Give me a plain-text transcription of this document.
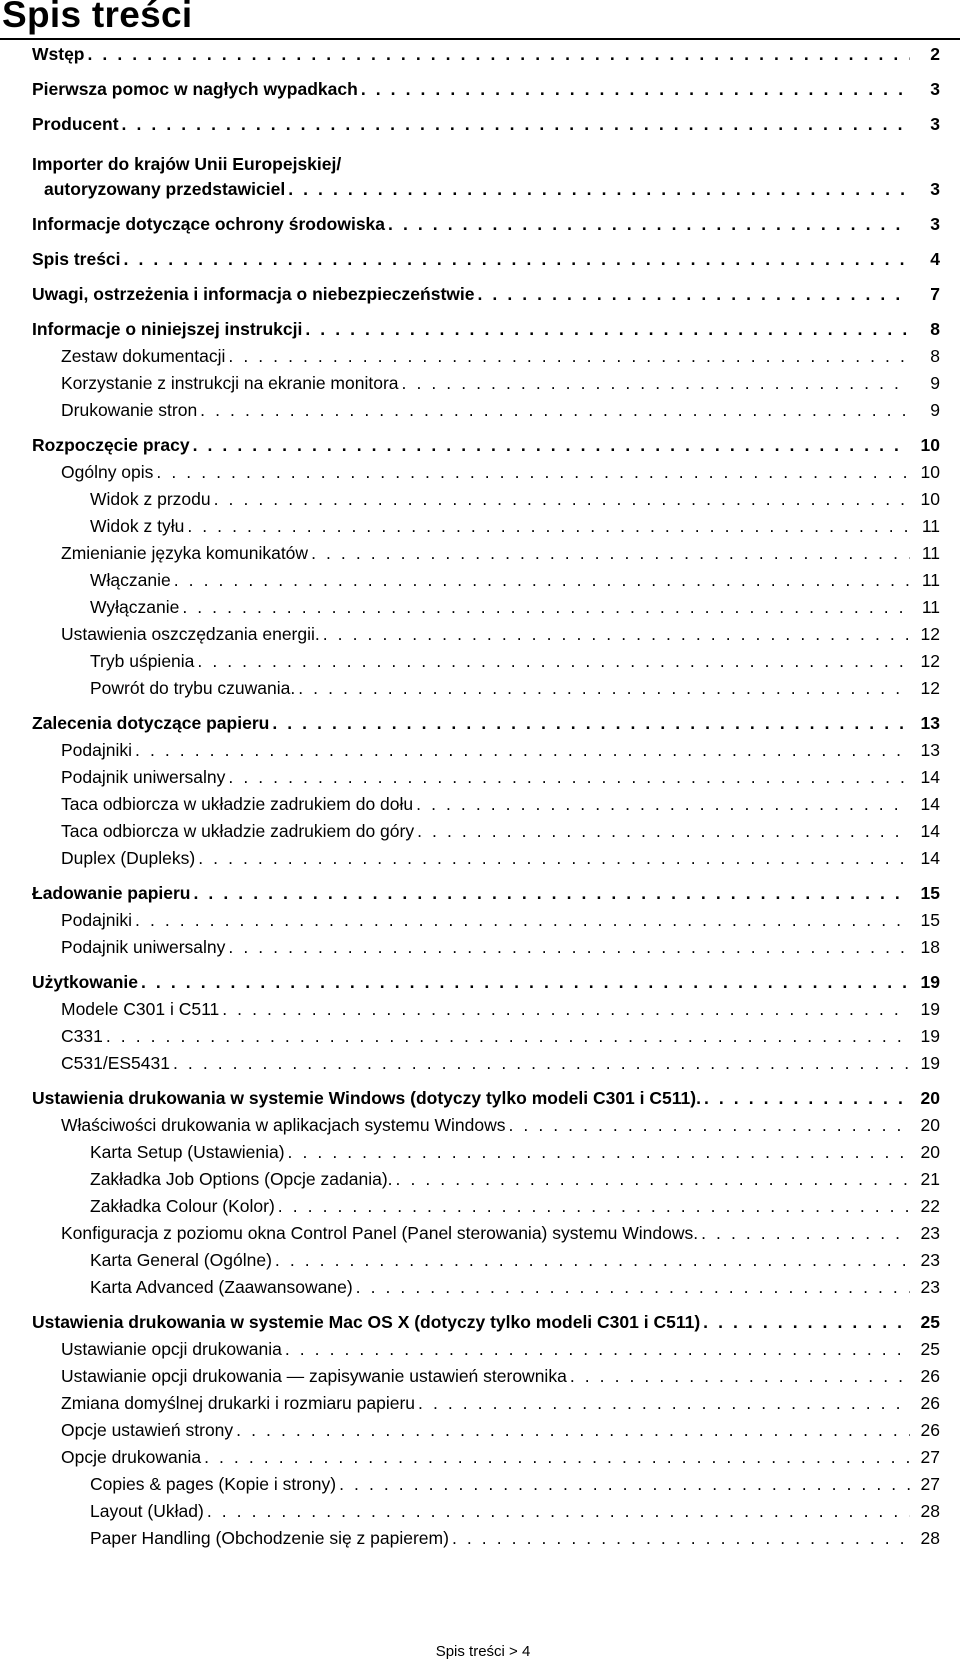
Spis treści
Wstęp . . .	2
Pierwsza pomoc w nagłych wypadkach . . .	3
Producent . . .	3
Importer do krajów Unii Europejskiej/
autoryzowany przedstawiciel . . .	3
Informacje dotyczące ochrony środowiska . . .	3
Spis treści . . .	4
Uwagi, ostrzeżenia i informacja o niebezpieczeństwie . . .	7
Informacje o niniejszej instrukcji . . .	8
Zestaw dokumentacji . . .	8
Korzystanie z instrukcji na ekranie monitora . . .	9
Drukowanie stron . . .	9
Rozpoczęcie pracy . . .	10
Ogólny opis . . .	10
Widok z przodu . . .	10
Widok z tyłu . . .	11
Zmienianie języka komunikatów . . .	11
Włączanie . . .	11
Wyłączanie . . .	11
Ustawienia oszczędzania energii. . . .	12
Tryb uśpienia . . .	12
Powrót do trybu czuwania. . . .	12
Zalecenia dotyczące papieru . . .	13
Podajniki . . .	13
Podajnik uniwersalny . . .	14
Taca odbiorcza w układzie zadrukiem do dołu . . .	14
Taca odbiorcza w układzie zadrukiem do góry . . .	14
Duplex (Dupleks) . . .	14
Ładowanie papieru . . .	15
Podajniki . . .	15
Podajnik uniwersalny . . .	18
Użytkowanie . . .	19
Modele C301 i C511 . . .	19
C331 . . .	19
C531/ES5431 . . .	19
Ustawienia drukowania w systemie Windows (dotyczy tylko modeli C301 i C511). . . .	20
Właściwości drukowania w aplikacjach systemu Windows . . .	20
Karta Setup (Ustawienia) . . .	20
Zakładka Job Options (Opcje zadania). . . .	21
Zakładka Colour (Kolor) . . .	22
Konfiguracja z poziomu okna Control Panel (Panel sterowania) systemu Windows. . . .	23
Karta General (Ogólne) . . .	23
Karta Advanced (Zaawansowane) . . .	23
Ustawienia drukowania w systemie Mac OS X (dotyczy tylko modeli C301 i C511) . . .	25
Ustawianie opcji drukowania . . .	25
Ustawianie opcji drukowania — zapisywanie ustawień sterownika . . .	26
Zmiana domyślnej drukarki i rozmiaru papieru . . .	26
Opcje ustawień strony . . .	26
Opcje drukowania . . .	27
Copies & pages (Kopie i strony) . . .	27
Layout (Układ) . . .	28
Paper Handling (Obchodzenie się z papierem) . . .	28
Spis treści > 4
